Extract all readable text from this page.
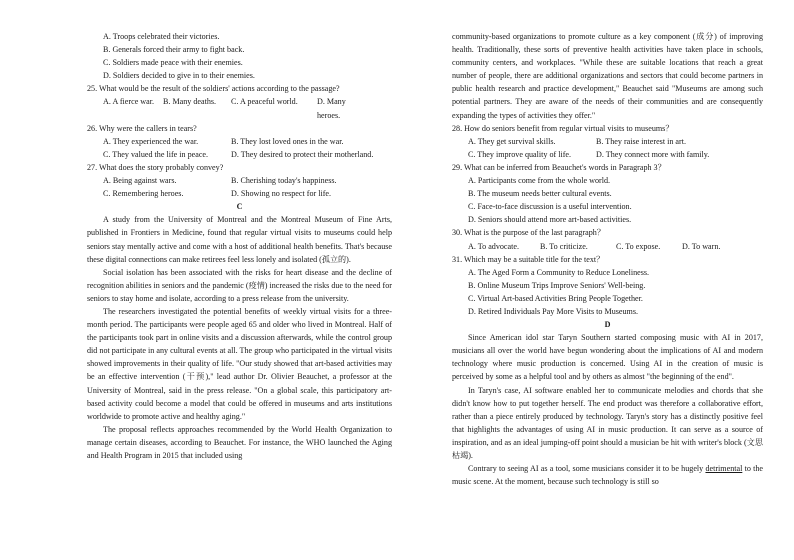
A. Troops celebrated their victories.
B. Generals forced their army to fight back.
C. Soldiers made peace with their enemies.
D. Soldiers decided to give in to their enemies.
25. What would be the result of the soldiers' actions according to the passage?
A. A fierce war.	B. Many deaths.	C. A peaceful world.	D. Many heroes.
26. Why were the callers in tears?
A. They experienced the war.	B. They lost loved ones in the war.
C. They valued the life in peace.	D. They desired to protect their motherland.
27. What does the story probably convey?
A. Being against wars.	B. Cherishing today's happiness.
C. Remembering heroes.	D. Showing no respect for life.
C

A study from the University of Montreal and the Montreal Museum of Fine Arts, published in Frontiers in Medicine, found that regular virtual visits to museums could help seniors stay mentally active and come with a host of additional health benefits. That's because these digital connections can make retirees feel less lonely and isolated (孤立的).

Social isolation has been associated with the risks for heart disease and the decline of recognition abilities in seniors and the pandemic (疫情) increased the risks due to the need for seniors to stay home and isolate, according to a press release from the university.

The researchers investigated the potential benefits of weekly virtual visits for a three-month period. The participants were people aged 65 and older who lived in Montreal. Half of the participants took part in online visits and a discussion afterwards, while the control group did not participate in any cultural events at all. The group who participated in the virtual visits showed improvements in their quality of life. "Our study showed that art-based activities may be an effective intervention (干预)," lead author Dr. Olivier Beauchet, a professor at the University of Montreal, said in the press release. "On a global scale, this participatory art-based activity could become a model that could be offered in museums and arts institutions worldwide to promote active and healthy aging."

The proposal reflects approaches recommended by the World Health Organization to manage certain diseases, according to Beauchet. For instance, the WHO launched the Aging and Health Program in 2015 that included using

community-based organizations to promote culture as a key component (成分) of improving health. Traditionally, these sorts of preventive health activities have taken place in schools, community centers, and workplaces. "While these are suitable locations that reach a great number of people, there are additional organizations and sectors that could become partners in public health research and practice development," Beauchet said "Museums are among such potential partners. They are aware of the needs of their communities and are consequently expanding the types of activities they offer."

28. How do seniors benefit from regular virtual visits to museums？
A. They get survival skills.	B. They raise interest in art.
C. They improve quality of life.	D. They connect more with family.
29. What can be inferred from Beauchet's words in Paragraph 3？
A. Participants come from the whole world.
B. The museum needs better cultural events.
C. Face-to-face discussion is a useful intervention.
D. Seniors should attend more art-based activities.
30. What is the purpose of the last paragraph？
A. To advocate.	B. To criticize.	C. To expose.	D. To warn.
31. Which may be a suitable title for the text？
A. The Aged Form a Community to Reduce Loneliness.
B. Online Museum Trips Improve Seniors' Well-being.
C. Virtual Art-based Activities Bring People Together.
D. Retired Individuals Pay More Visits to Museums.
D

Since American idol star Taryn Southern started composing music with AI in 2017, musicians all over the world have begun wondering about the implications of AI and modern technology where music production is concerned. Using AI in the creation of music is perceived by some as a helpful tool and by others as almost "the beginning of the end".

In Taryn's case, AI software enabled her to communicate melodies and chords that she didn't know how to put together herself. The end product was therefore a collaborative effort, rather than a piece entirely produced by technology. Taryn's story has a distinctly positive feel that highlights the advantages of using AI in music production. It can serve as a source of inspiration, and as an ideal jumping-off point should a musician be hit with writer's block (文思枯竭).

Contrary to seeing AI as a tool, some musicians consider it to be hugely detrimental to the music scene. At the moment, because such technology is still so
